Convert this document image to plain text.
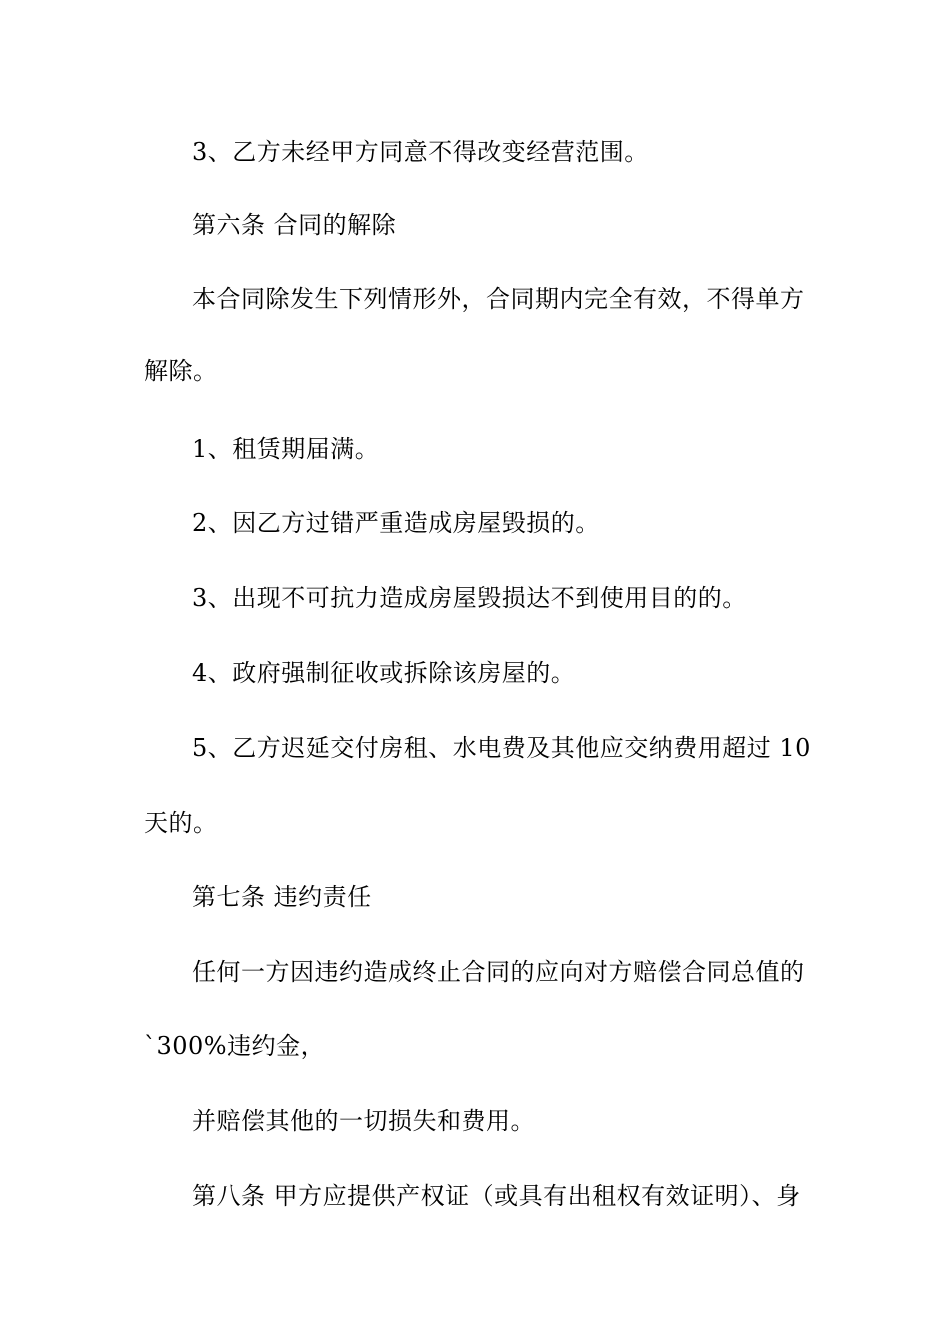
3、乙方未经甲方同意不得改变经营范围。
第六条 合同的解除
本合同除发生下列情形外，合同期内完全有效，不得单方
解除。
1、租赁期届满。
2、因乙方过错严重造成房屋毁损的。
3、出现不可抗力造成房屋毁损达不到使用目的的。
4、政府强制征收或拆除该房屋的。
5、乙方迟延交付房租、水电费及其他应交纳费用超过 10
天的。
第七条 违约责任
任何一方因违约造成终止合同的应向对方赔偿合同总值的
`300%违约金，
并赔偿其他的一切损失和费用。
第八条 甲方应提供产权证（或具有出租权有效证明）、身
